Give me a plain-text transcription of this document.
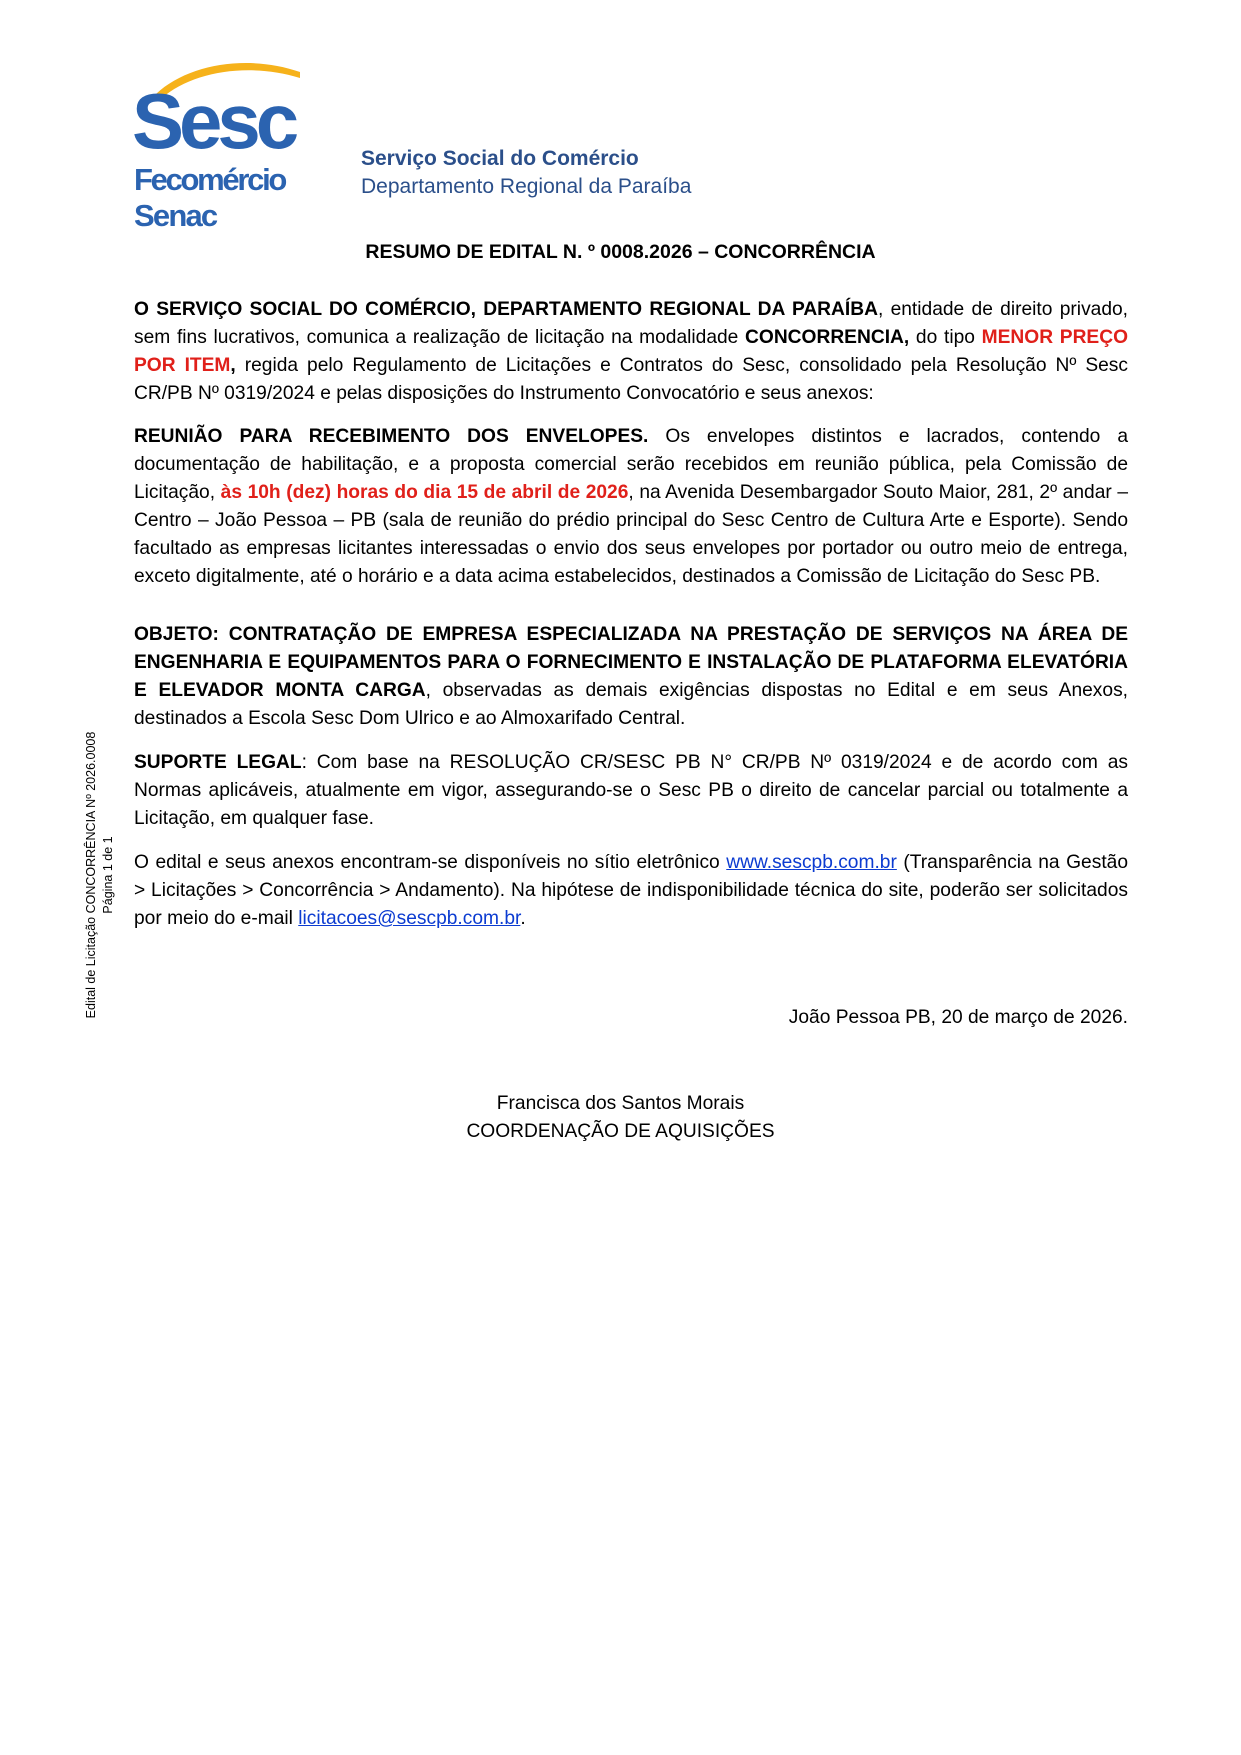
Sesc
Fecomércio
Senac
Serviço Social do Comércio
Departamento Regional da Paraíba
RESUMO DE EDITAL N. º 0008.2026 – CONCORRÊNCIA

O SERVIÇO SOCIAL DO COMÉRCIO, DEPARTAMENTO REGIONAL DA PARAÍBA, entidade de direito privado, sem fins lucrativos, comunica a realização de licitação na modalidade CONCORRENCIA, do tipo MENOR PREÇO POR ITEM, regida pelo Regulamento de Licitações e Contratos do Sesc, consolidado pela Resolução Nº Sesc CR/PB Nº 0319/2024 e pelas disposições do Instrumento Convocatório e seus anexos:

REUNIÃO PARA RECEBIMENTO DOS ENVELOPES. Os envelopes distintos e lacrados, contendo a documentação de habilitação, e a proposta comercial serão recebidos em reunião pública, pela Comissão de Licitação, às 10h (dez) horas do dia 15 de abril de 2026, na Avenida Desembargador Souto Maior, 281, 2º andar – Centro – João Pessoa – PB (sala de reunião do prédio principal do Sesc Centro de Cultura Arte e Esporte). Sendo facultado as empresas licitantes interessadas o envio dos seus envelopes por portador ou outro meio de entrega, exceto digitalmente, até o horário e a data acima estabelecidos, destinados a Comissão de Licitação do Sesc PB.

OBJETO: CONTRATAÇÃO DE EMPRESA ESPECIALIZADA NA PRESTAÇÃO DE SERVIÇOS NA ÁREA DE ENGENHARIA E EQUIPAMENTOS PARA O FORNECIMENTO E INSTALAÇÃO DE PLATAFORMA ELEVATÓRIA E ELEVADOR MONTA CARGA, observadas as demais exigências dispostas no Edital e em seus Anexos, destinados a Escola Sesc Dom Ulrico e ao Almoxarifado Central.

SUPORTE LEGAL: Com base na RESOLUÇÃO CR/SESC PB N° CR/PB Nº 0319/2024 e de acordo com as Normas aplicáveis, atualmente em vigor, assegurando-se o Sesc PB o direito de cancelar parcial ou totalmente a Licitação, em qualquer fase.

O edital e seus anexos encontram-se disponíveis no sítio eletrônico www.sescpb.com.br (Transparência na Gestão > Licitações > Concorrência > Andamento). Na hipótese de indisponibilidade técnica do site, poderão ser solicitados por meio do e-mail licitacoes@sescpb.com.br.

João Pessoa PB, 20 de março de 2026.
Francisca dos Santos Morais
COORDENAÇÃO DE AQUISIÇÕES
Edital de Licitação CONCORRÊNCIA Nº 2026.0008 Página 1 de 1
